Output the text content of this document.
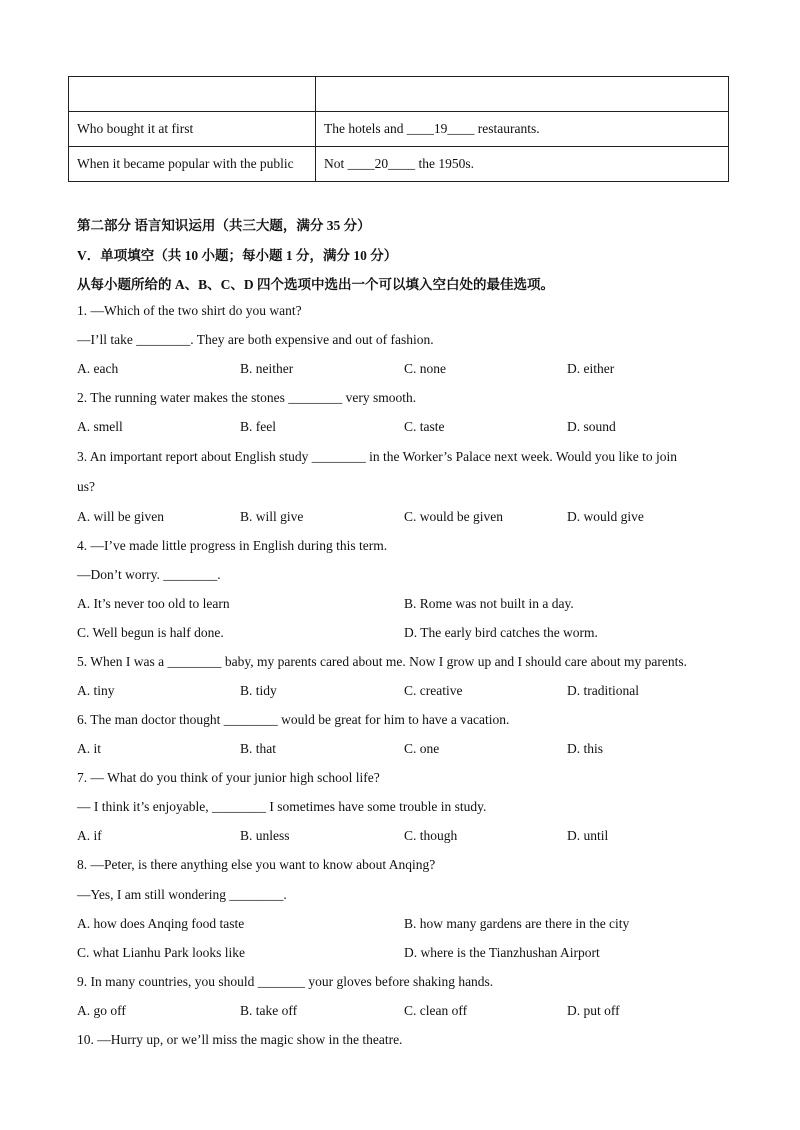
Who bought it at first	The hotels and ____19____ restaurants.
When it became popular with the public	Not ____20____ the 1950s.
第二部分 语言知识运用（共三大题，满分 35 分）
V．单项填空（共 10 小题；每小题 1 分，满分 10 分）
从每小题所给的 A、B、C、D 四个选项中选出一个可以填入空白处的最佳选项。
1. —Which of the two shirt do you want?
—I’ll take ________. They are both expensive and out of fashion.
A. each	B. neither	C. none	D. either
2. The running water makes the stones ________ very smooth.
A. smell	B. feel	C. taste	D. sound
3. An important report about English study ________ in the Worker’s Palace next week. Would you like to join
us?
A. will be given	B. will give	C. would be given	D. would give
4. —I’ve made little progress in English during this term.
—Don’t worry. ________.
A. It’s never too old to learn	B. Rome was not built in a day.
C. Well begun is half done.	D. The early bird catches the worm.
5. When I was a ________ baby, my parents cared about me. Now I grow up and I should care about my parents.
A. tiny	B. tidy	C. creative	D. traditional
6. The man doctor thought ________ would be great for him to have a vacation.
A. it	B. that	C. one	D. this
7. — What do you think of your junior high school life?
— I think it’s enjoyable, ________ I sometimes have some trouble in study.
A. if	B. unless	C. though	D. until
8. —Peter, is there anything else you want to know about Anqing?
—Yes, I am still wondering ________.
A. how does Anqing food taste	B. how many gardens are there in the city
C. what Lianhu Park looks like	D. where is the Tianzhushan Airport
9. In many countries, you should _______ your gloves before shaking hands.
A. go off	B. take off	C. clean off	D. put off
10. —Hurry up, or we’ll miss the magic show in the theatre.
